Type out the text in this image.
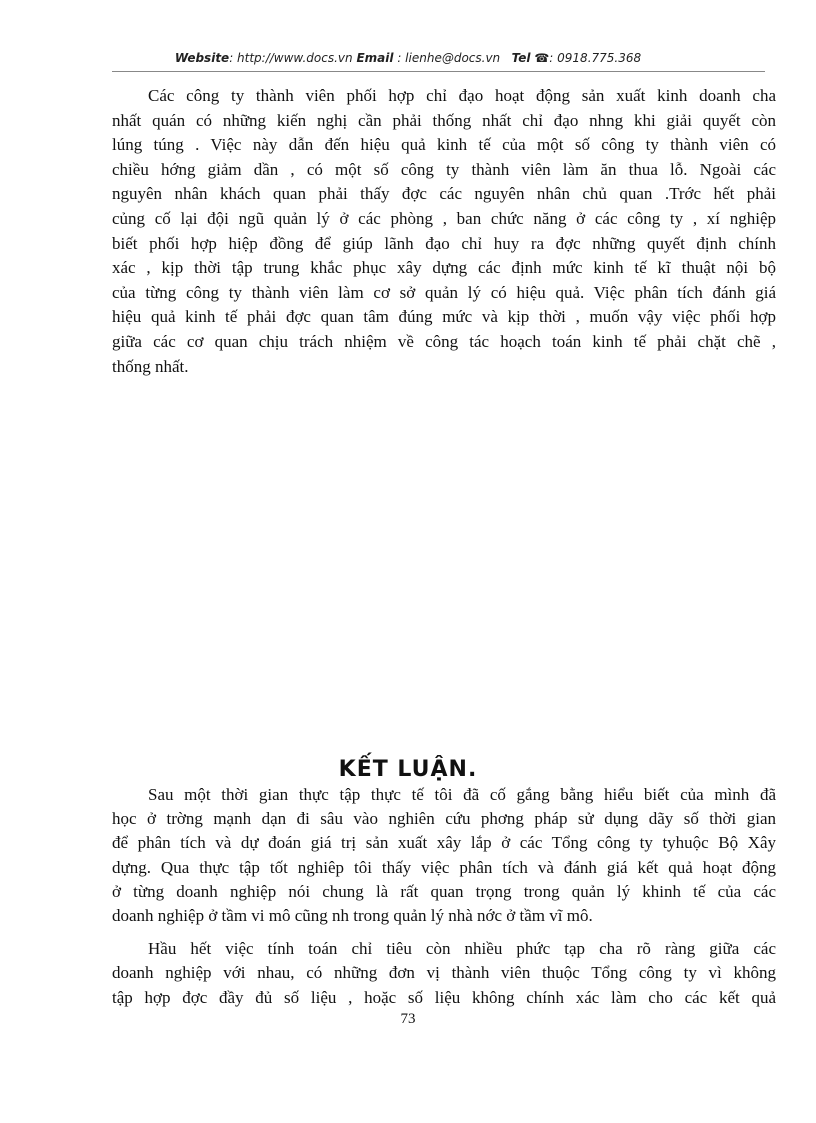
Website: http://www.docs.vn Email : lienhe@docs.vn Tel ☎: 0918.775.368
Các công ty thành viên phối hợp chỉ đạo hoạt động sản xuất kinh doanh cha
nhất quán có những kiến nghị cần phải thống nhất chỉ đạo nhng khi giải quyết còn
lúng túng . Việc này dẫn đến hiệu quả kinh tế của một số công ty thành viên có
chiều hớng giảm dần , có một số công ty thành viên làm ăn thua lỗ. Ngoài các
nguyên nhân khách quan phải thấy đợc các nguyên nhân chủ quan .Trớc hết phải
củng cố lại đội ngũ quản lý ở các phòng , ban chức năng ở các công ty , xí nghiệp
biết phối hợp hiệp đồng để giúp lãnh đạo chỉ huy ra đợc những quyết định chính
xác , kịp thời tập trung khắc phục xây dựng các định mức kinh tế kĩ thuật nội bộ
của từng công ty thành viên làm cơ sở quản lý có hiệu quả. Việc phân tích đánh giá
hiệu quả kinh tế phải đợc quan tâm đúng mức và kịp thời , muốn vậy việc phối hợp
giữa các cơ quan chịu trách nhiệm về công tác hoạch toán kinh tế phải chặt chẽ ,
thống nhất.
KẾT LUẬN.
Sau một thời gian thực tập thực tế tôi đã cố gắng bằng hiểu biết của mình đã
học ở trờng mạnh dạn đi sâu vào nghiên cứu phơng pháp sử dụng dãy số thời gian
để phân tích và dự đoán giá trị sản xuất xây lắp ở các Tổng công ty tyhuộc Bộ Xây
dựng. Qua thực tập tốt nghiêp tôi thấy việc phân tích và đánh giá kết quả hoạt động
ở từng doanh nghiệp nói chung là rất quan trọng trong quản lý khinh tế của các
doanh nghiệp ở tầm vi mô cũng nh trong quản lý nhà nớc ở tầm vĩ mô.
Hầu hết việc tính toán chỉ tiêu còn nhiều phức tạp cha rõ ràng giữa các
doanh nghiệp với nhau, có những đơn vị thành viên thuộc Tổng công ty vì không
tập hợp đợc đầy đủ số liệu , hoặc số liệu không chính xác làm cho các kết quả
73
